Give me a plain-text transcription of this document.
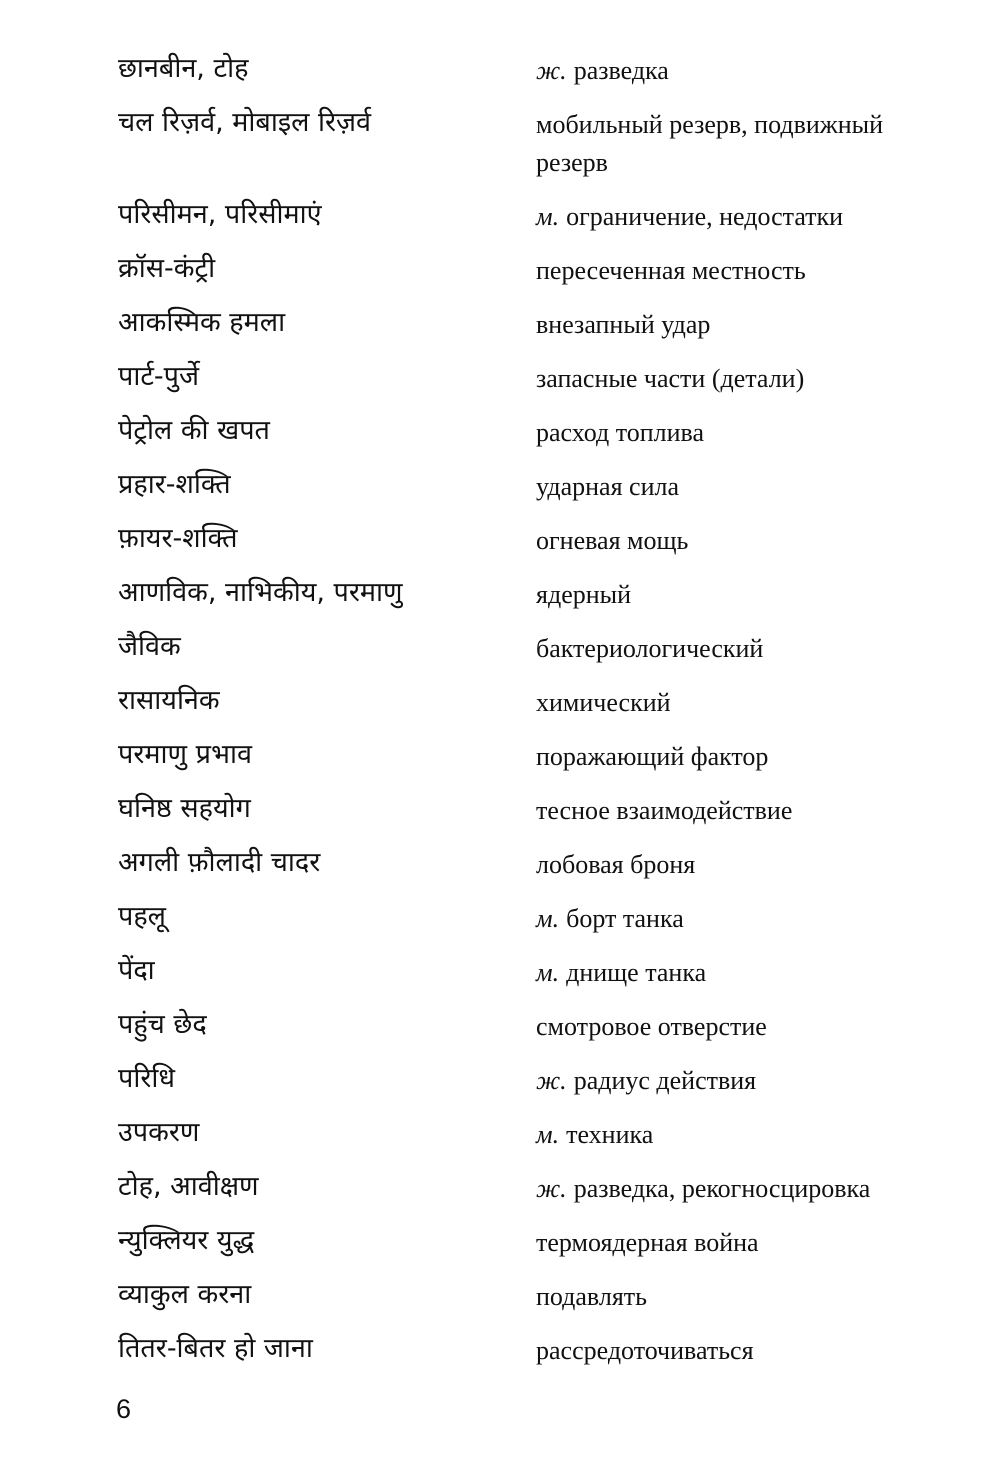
छानबीन, टोह	ж. разведка
चल रिज़र्व, मोबाइल रिज़र्व	мобильный резерв, подвижный резерв
परिसीमन, परिसीमाएं	м. ограничение, недостатки
क्रॉस-कंट्री	пересеченная местность
आकस्मिक हमला	внезапный удар
पार्ट-पुर्जे	запасные части (детали)
पेट्रोल की खपत	расход топлива
प्रहार-शक्ति	ударная сила
फ़ायर-शक्ति	огневая мощь
आणविक, नाभिकीय, परमाणु	ядерный
जैविक	бактериологический
रासायनिक	химический
परमाणु प्रभाव	поражающий фактор
घनिष्ठ सहयोग	тесное взаимодействие
अगली फ़ौलादी चादर	лобовая броня
पहलू	м. борт танка
पेंदा	м. днище танка
पहुंच छेद	смотровое отверстие
परिधि	ж. радиус действия
उपकरण	м. техника
टोह, आवीक्षण	ж. разведка, рекогносцировка
न्युक्लियर युद्ध	термоядерная война
व्याकुल करना	подавлять
तितर-बितर हो जाना	рассредоточиваться
6
